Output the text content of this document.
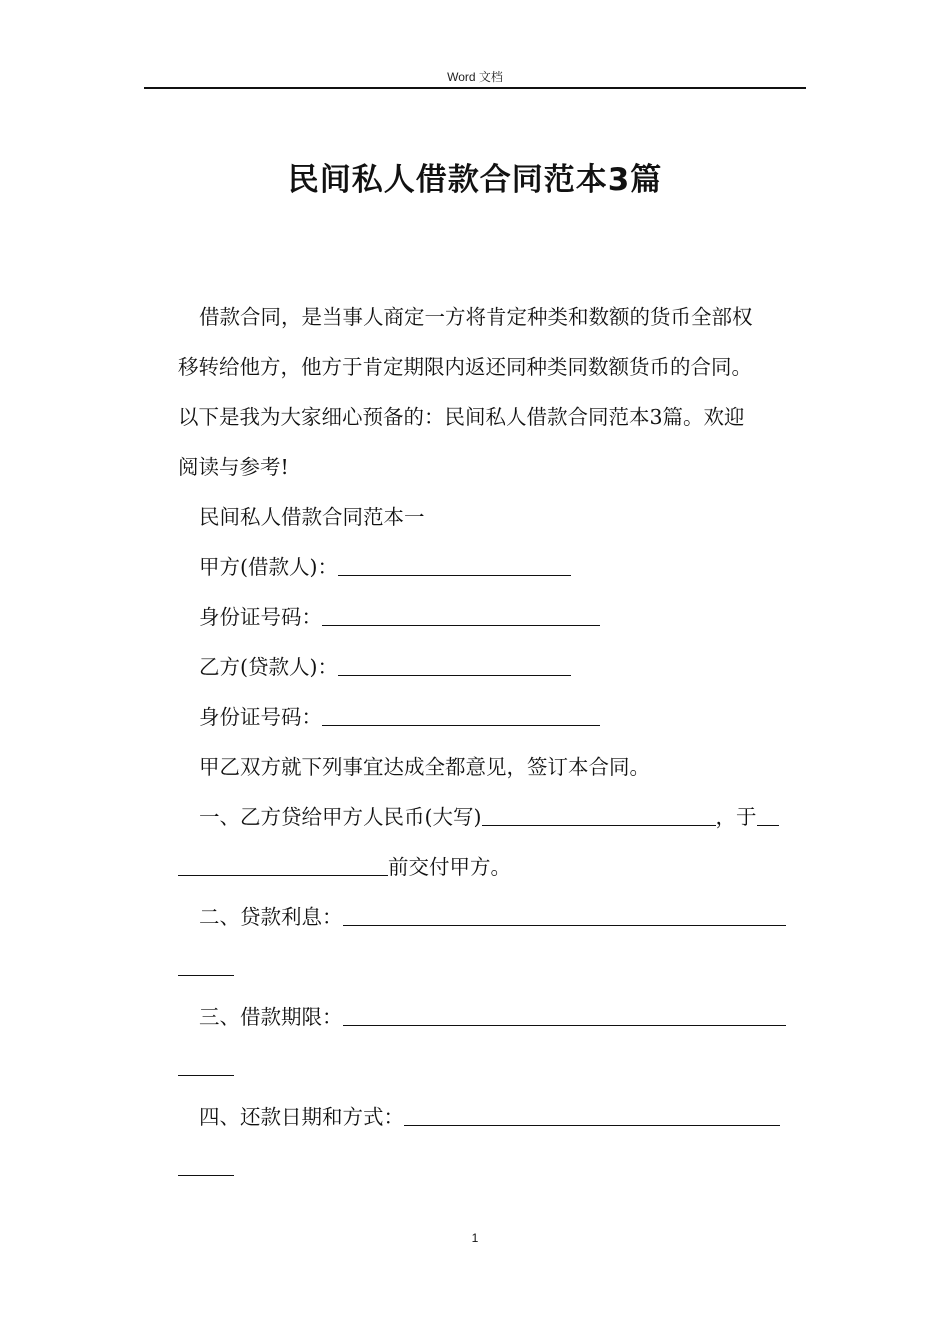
Word 文档
民间私人借款合同范本3篇

借款合同，是当事人商定一方将肯定种类和数额的货币全部权

移转给他方，他方于肯定期限内返还同种类同数额货币的合同。

以下是我为大家细心预备的：民间私人借款合同范本3篇。欢迎

阅读与参考!

民间私人借款合同范本一

甲方(借款人)：

身份证号码：

乙方(贷款人)：

身份证号码：

甲乙双方就下列事宜达成全都意见，签订本合同。

一、乙方贷给甲方人民币(大写)	，于

前交付甲方。

二、贷款利息：

三、借款期限：

四、还款日期和方式：

1
